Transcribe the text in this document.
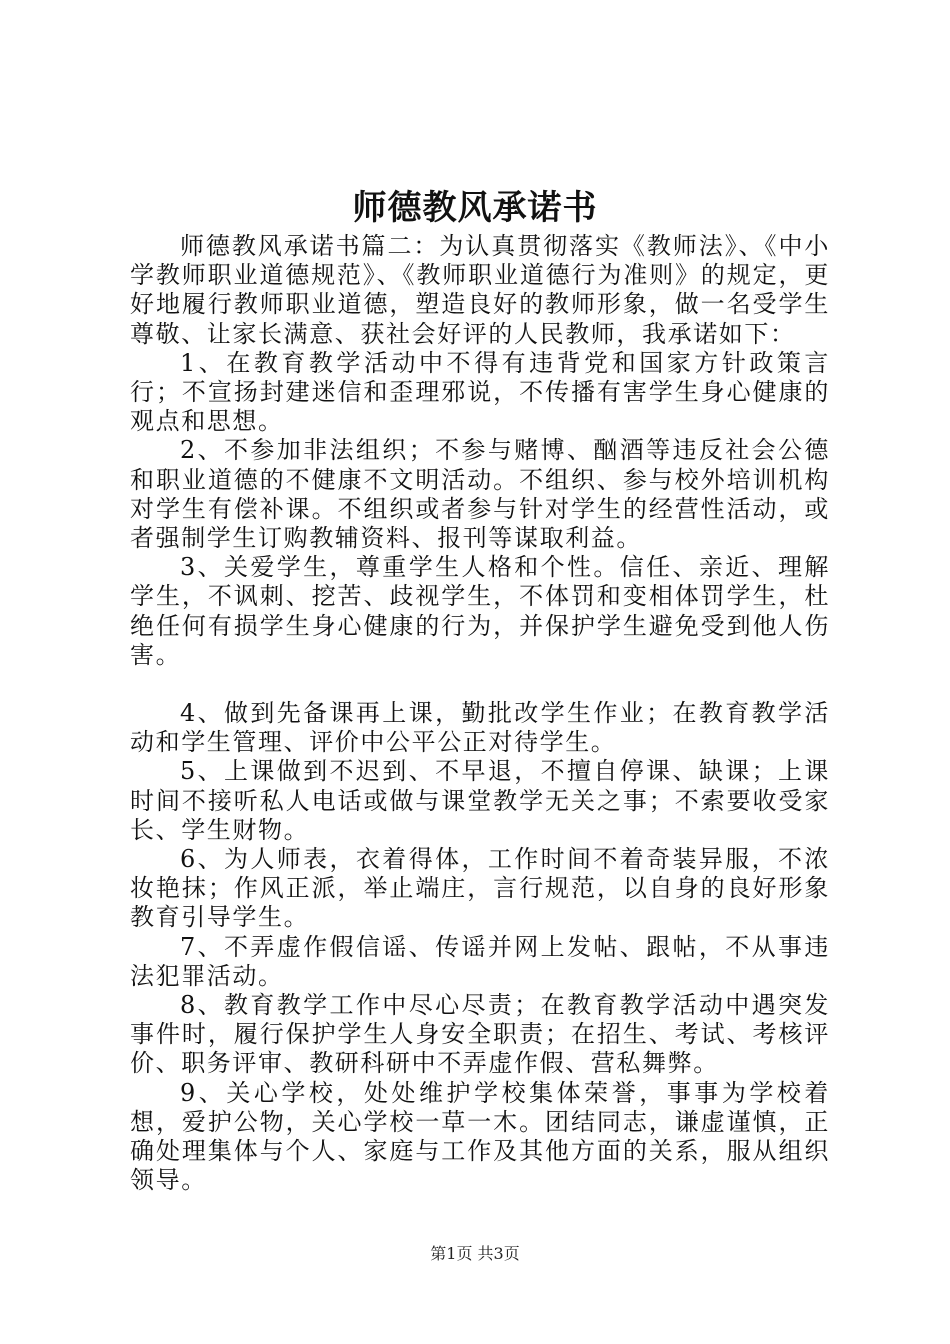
师德教风承诺书

师德教风承诺书篇二：为认真贯彻落实《教师法》、《中小学教师职业道德规范》、《教师职业道德行为准则》的规定，更好地履行教师职业道德，塑造良好的教师形象，做一名受学生尊敬、让家长满意、获社会好评的人民教师，我承诺如下：

1、在教育教学活动中不得有违背党和国家方针政策言行；不宣扬封建迷信和歪理邪说，不传播有害学生身心健康的观点和思想。

2、不参加非法组织；不参与赌博、酗酒等违反社会公德和职业道德的不健康不文明活动。不组织、参与校外培训机构对学生有偿补课。不组织或者参与针对学生的经营性活动，或者强制学生订购教辅资料、报刊等谋取利益。

3、关爱学生，尊重学生人格和个性。信任、亲近、理解学生，不讽刺、挖苦、歧视学生，不体罚和变相体罚学生，杜绝任何有损学生身心健康的行为，并保护学生避免受到他人伤害。

4、做到先备课再上课，勤批改学生作业；在教育教学活动和学生管理、评价中公平公正对待学生。

5、上课做到不迟到、不早退，不擅自停课、缺课；上课时间不接听私人电话或做与课堂教学无关之事；不索要收受家长、学生财物。

6、为人师表，衣着得体，工作时间不着奇装异服，不浓妆艳抹；作风正派，举止端庄，言行规范，以自身的良好形象教育引导学生。

7、不弄虚作假信谣、传谣并网上发帖、跟帖，不从事违法犯罪活动。

8、教育教学工作中尽心尽责；在教育教学活动中遇突发事件时，履行保护学生人身安全职责；在招生、考试、考核评价、职务评审、教研科研中不弄虚作假、营私舞弊。

9、关心学校，处处维护学校集体荣誉，事事为学校着想，爱护公物，关心学校一草一木。团结同志，谦虚谨慎，正确处理集体与个人、家庭与工作及其他方面的关系，服从组织领导。

第1页 共3页
